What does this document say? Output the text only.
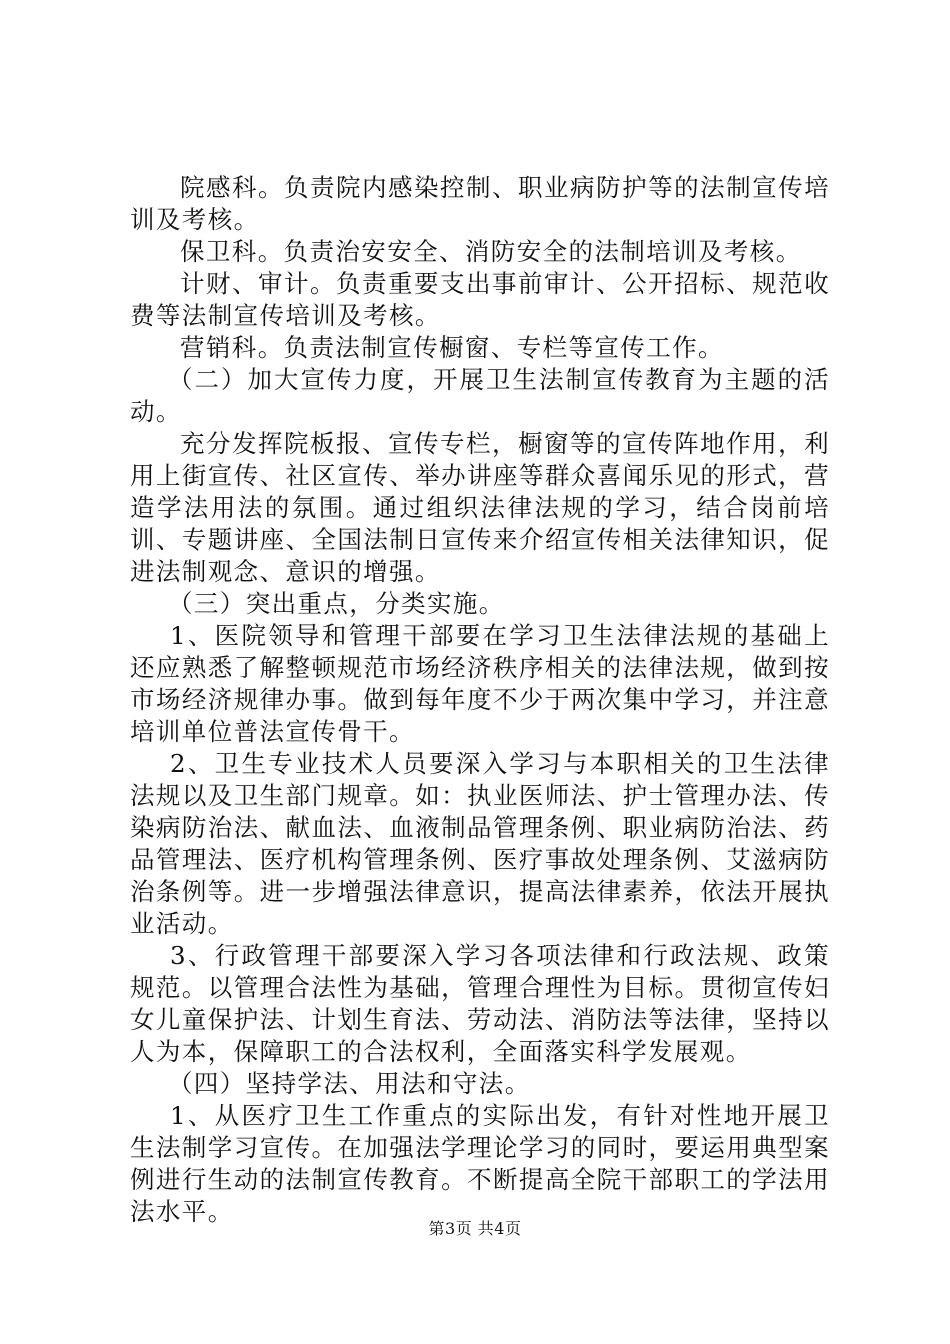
院感科。负责院内感染控制、职业病防护等的法制宣传培训及考核。

保卫科。负责治安安全、消防安全的法制培训及考核。

计财、审计。负责重要支出事前审计、公开招标、规范收费等法制宣传培训及考核。

营销科。负责法制宣传橱窗、专栏等宣传工作。

（二）加大宣传力度，开展卫生法制宣传教育为主题的活动。

充分发挥院板报、宣传专栏，橱窗等的宣传阵地作用，利用上街宣传、社区宣传、举办讲座等群众喜闻乐见的形式，营造学法用法的氛围。通过组织法律法规的学习，结合岗前培训、专题讲座、全国法制日宣传来介绍宣传相关法律知识，促进法制观念、意识的增强。

（三）突出重点，分类实施。

1、医院领导和管理干部要在学习卫生法律法规的基础上还应熟悉了解整顿规范市场经济秩序相关的法律法规，做到按市场经济规律办事。做到每年度不少于两次集中学习，并注意培训单位普法宣传骨干。

2、卫生专业技术人员要深入学习与本职相关的卫生法律法规以及卫生部门规章。如：执业医师法、护士管理办法、传染病防治法、献血法、血液制品管理条例、职业病防治法、药品管理法、医疗机构管理条例、医疗事故处理条例、艾滋病防治条例等。进一步增强法律意识，提高法律素养，依法开展执业活动。

3、行政管理干部要深入学习各项法律和行政法规、政策规范。以管理合法性为基础，管理合理性为目标。贯彻宣传妇女儿童保护法、计划生育法、劳动法、消防法等法律，坚持以人为本，保障职工的合法权利，全面落实科学发展观。

（四）坚持学法、用法和守法。

1、从医疗卫生工作重点的实际出发，有针对性地开展卫生法制学习宣传。在加强法学理论学习的同时，要运用典型案例进行生动的法制宣传教育。不断提高全院干部职工的学法用法水平。

第3页 共4页
